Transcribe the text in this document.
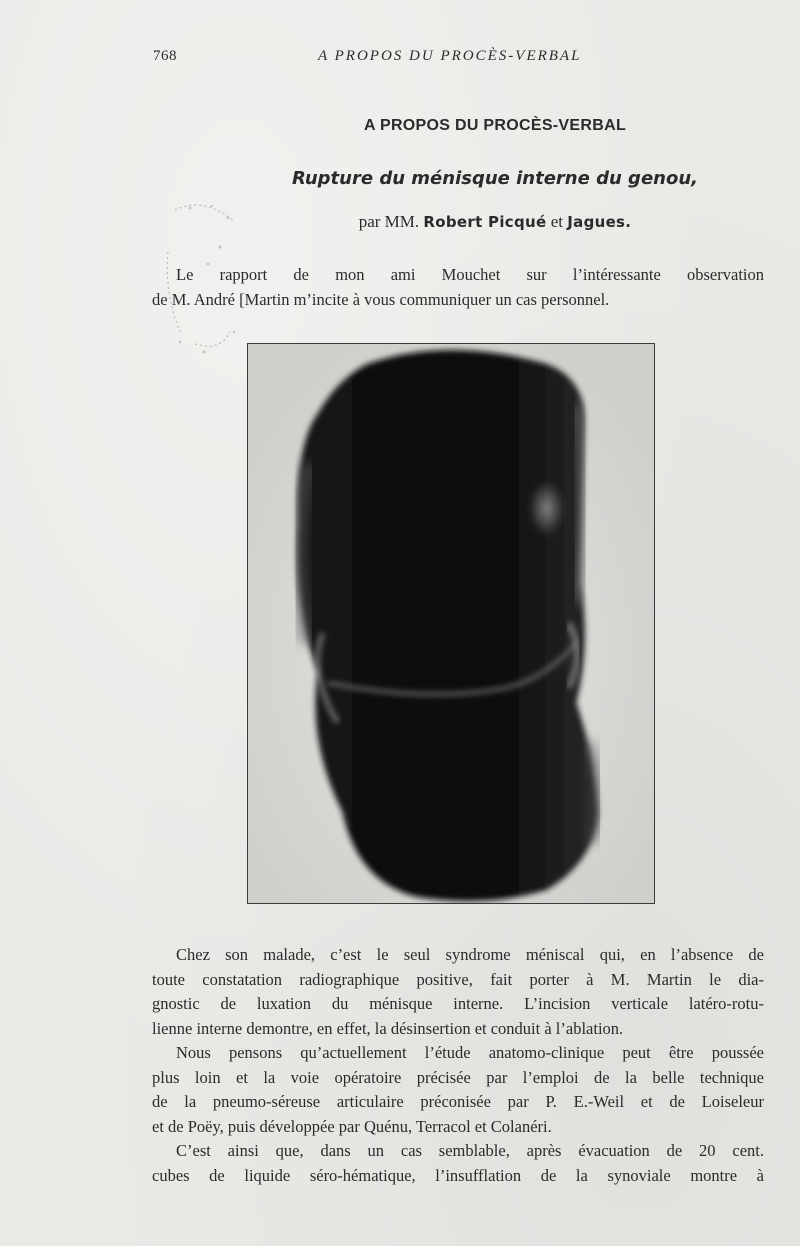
768	A PROPOS DU PROCÈS-VERBAL
A PROPOS DU PROCÈS-VERBAL
Rupture du ménisque interne du genou,
par MM. Robert Picqué et Jagues.
Le rapport de mon ami Mouchet sur l’intéressante observation
de M. André [Martin m’incite à vous communiquer un cas personnel.
Chez son malade, c’est le seul syndrome méniscal qui, en l’absence de
toute constatation radiographique positive, fait porter à M. Martin le dia-
gnostic de luxation du ménisque interne. L’incision verticale latéro-rotu-
lienne interne demontre, en effet, la désinsertion et conduit à l’ablation.
Nous pensons qu’actuellement l’étude anatomo-clinique peut être poussée
plus loin et la voie opératoire précisée par l’emploi de la belle technique
de la pneumo-séreuse articulaire préconisée par P. E.-Weil et de Loiseleur
et de Poëy, puis développée par Quénu, Terracol et Colanéri.
C’est ainsi que, dans un cas semblable, après évacuation de 20 cent.
cubes de liquide séro-hématique, l’insufflation de la synoviale montre à
